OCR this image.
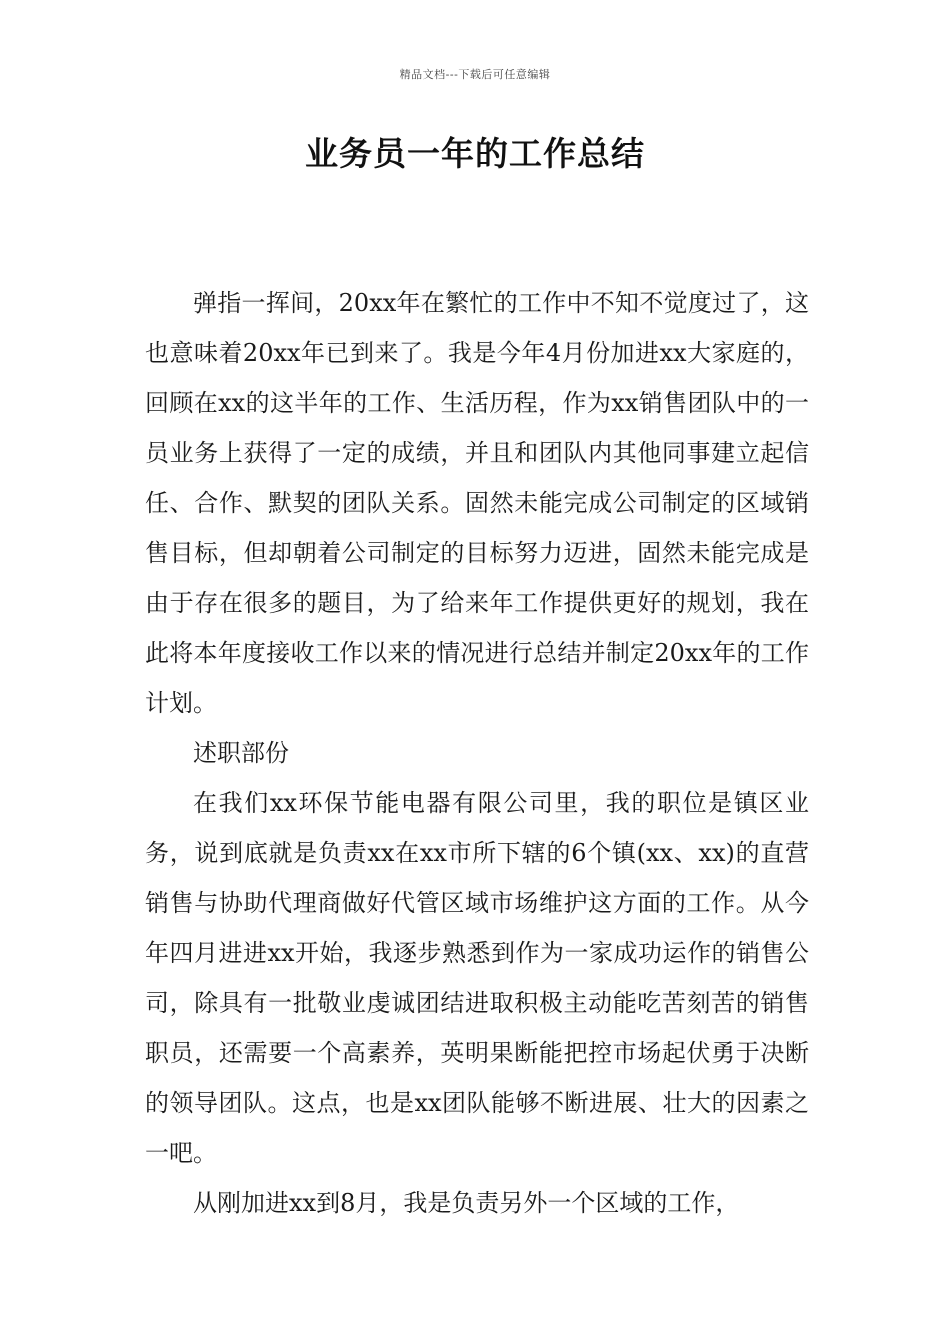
精品文档---下载后可任意编辑
业务员一年的工作总结

弹指一挥间，20xx年在繁忙的工作中不知不觉度过了，这也意味着20xx年已到来了。我是今年4月份加进xx大家庭的，回顾在xx的这半年的工作、生活历程，作为xx销售团队中的一员业务上获得了一定的成绩，并且和团队内其他同事建立起信任、合作、默契的团队关系。固然未能完成公司制定的区域销售目标，但却朝着公司制定的目标努力迈进，固然未能完成是由于存在很多的题目，为了给来年工作提供更好的规划，我在此将本年度接收工作以来的情况进行总结并制定20xx年的工作计划。

述职部份

在我们xx环保节能电器有限公司里，我的职位是镇区业务，说到底就是负责xx在xx市所下辖的6个镇(xx、xx)的直营销售与协助代理商做好代管区域市场维护这方面的工作。从今年四月进进xx开始，我逐步熟悉到作为一家成功运作的销售公司，除具有一批敬业虔诚团结进取积极主动能吃苦刻苦的销售职员，还需要一个高素养，英明果断能把控市场起伏勇于决断的领导团队。这点，也是xx团队能够不断进展、壮大的因素之一吧。

从刚加进xx到8月，我是负责另外一个区域的工作，
